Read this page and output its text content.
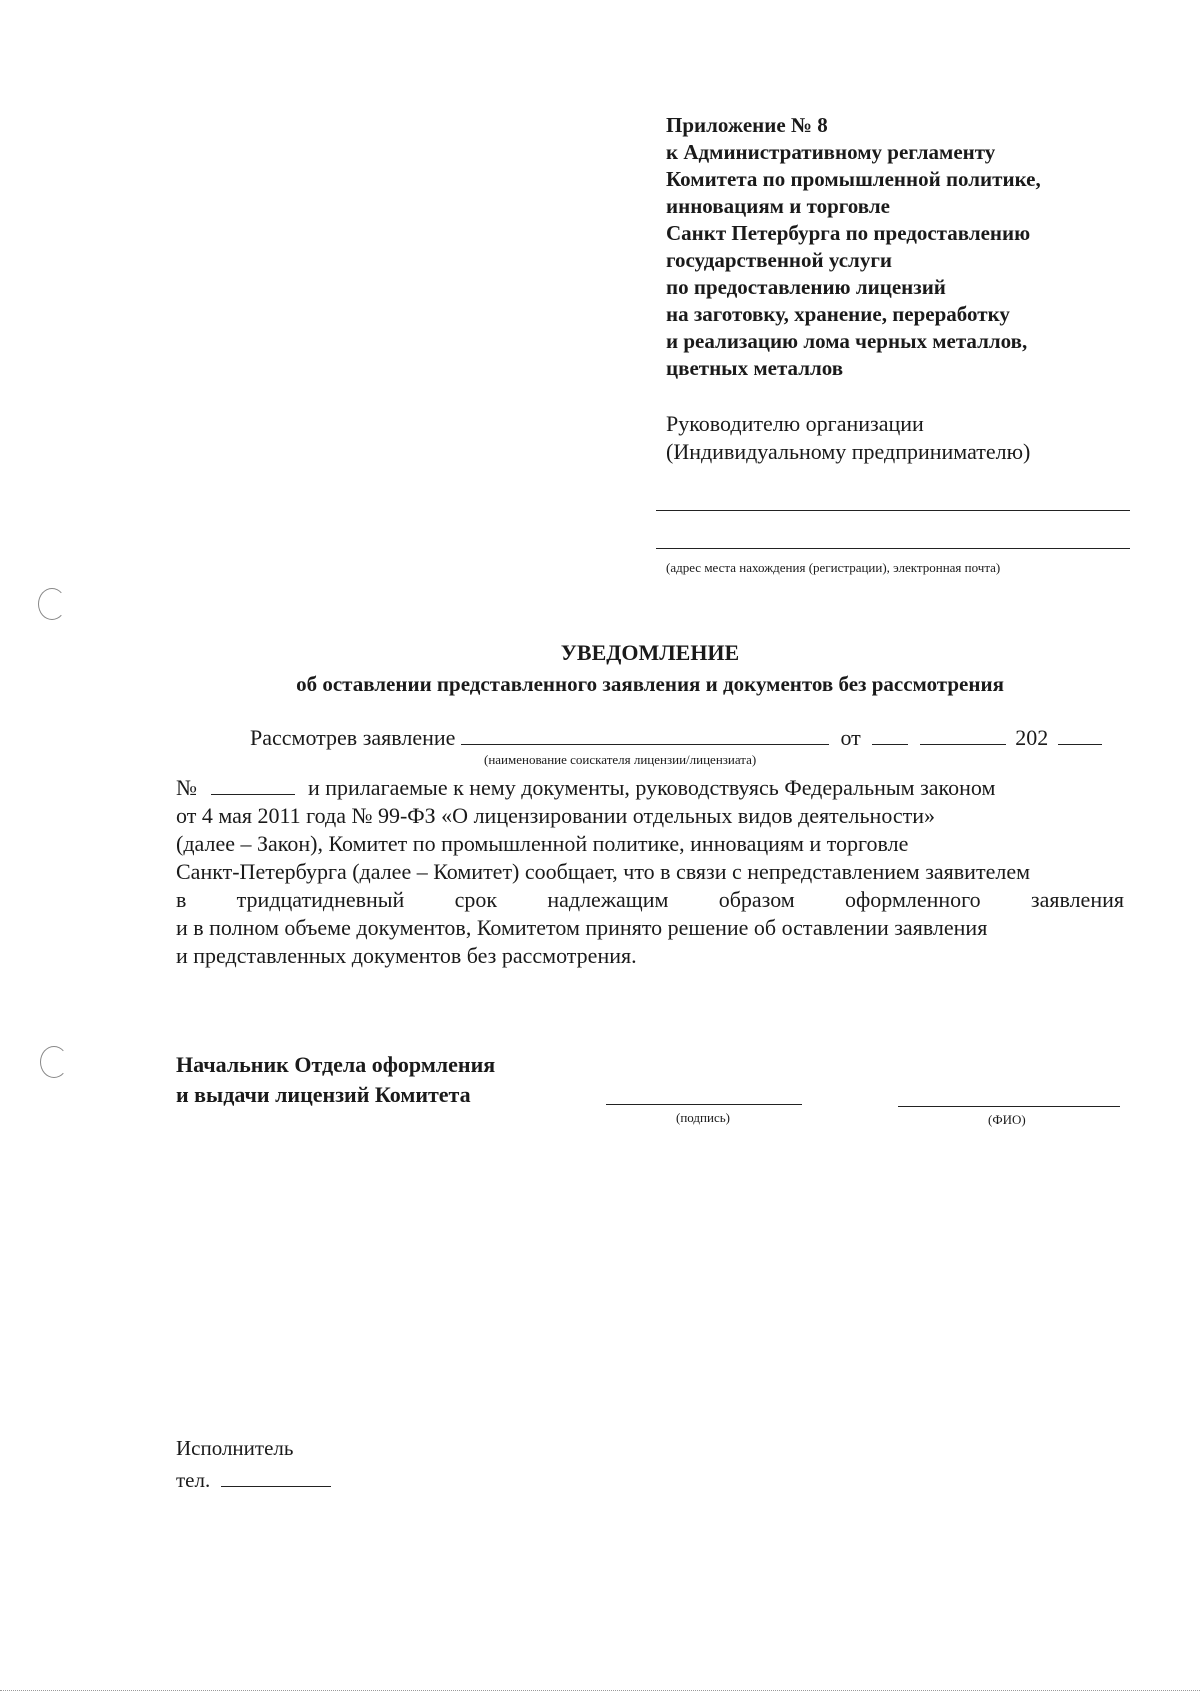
Приложение № 8
к Административному регламенту
Комитета по промышленной политике,
инновациям и торговле
Санкт Петербурга по предоставлению
государственной услуги
по предоставлению лицензий
на заготовку, хранение, переработку
и реализацию лома черных металлов,
цветных металлов
Руководителю организации
(Индивидуальному предпринимателю)
(адрес места нахождения (регистрации), электронная почта)
УВЕДОМЛЕНИЕ
об оставлении представленного заявления и документов без рассмотрения
Рассмотрев заявление	от	202
(наименование соискателя лицензии/лицензиата)
№	и прилагаемые к нему документы, руководствуясь Федеральным законом
от 4 мая 2011 года № 99-ФЗ «О лицензировании отдельных видов деятельности»
(далее – Закон), Комитет по промышленной политике, инновациям и торговле
Санкт-Петербурга (далее – Комитет) сообщает, что в связи с непредставлением заявителем
в тридцатидневный срок надлежащим образом оформленного заявления
и в полном объеме документов, Комитетом принято решение об оставлении заявления
и представленных документов без рассмотрения.
Начальник Отдела оформления
и выдачи лицензий Комитета
(подпись)	(ФИО)
Исполнитель
тел.
